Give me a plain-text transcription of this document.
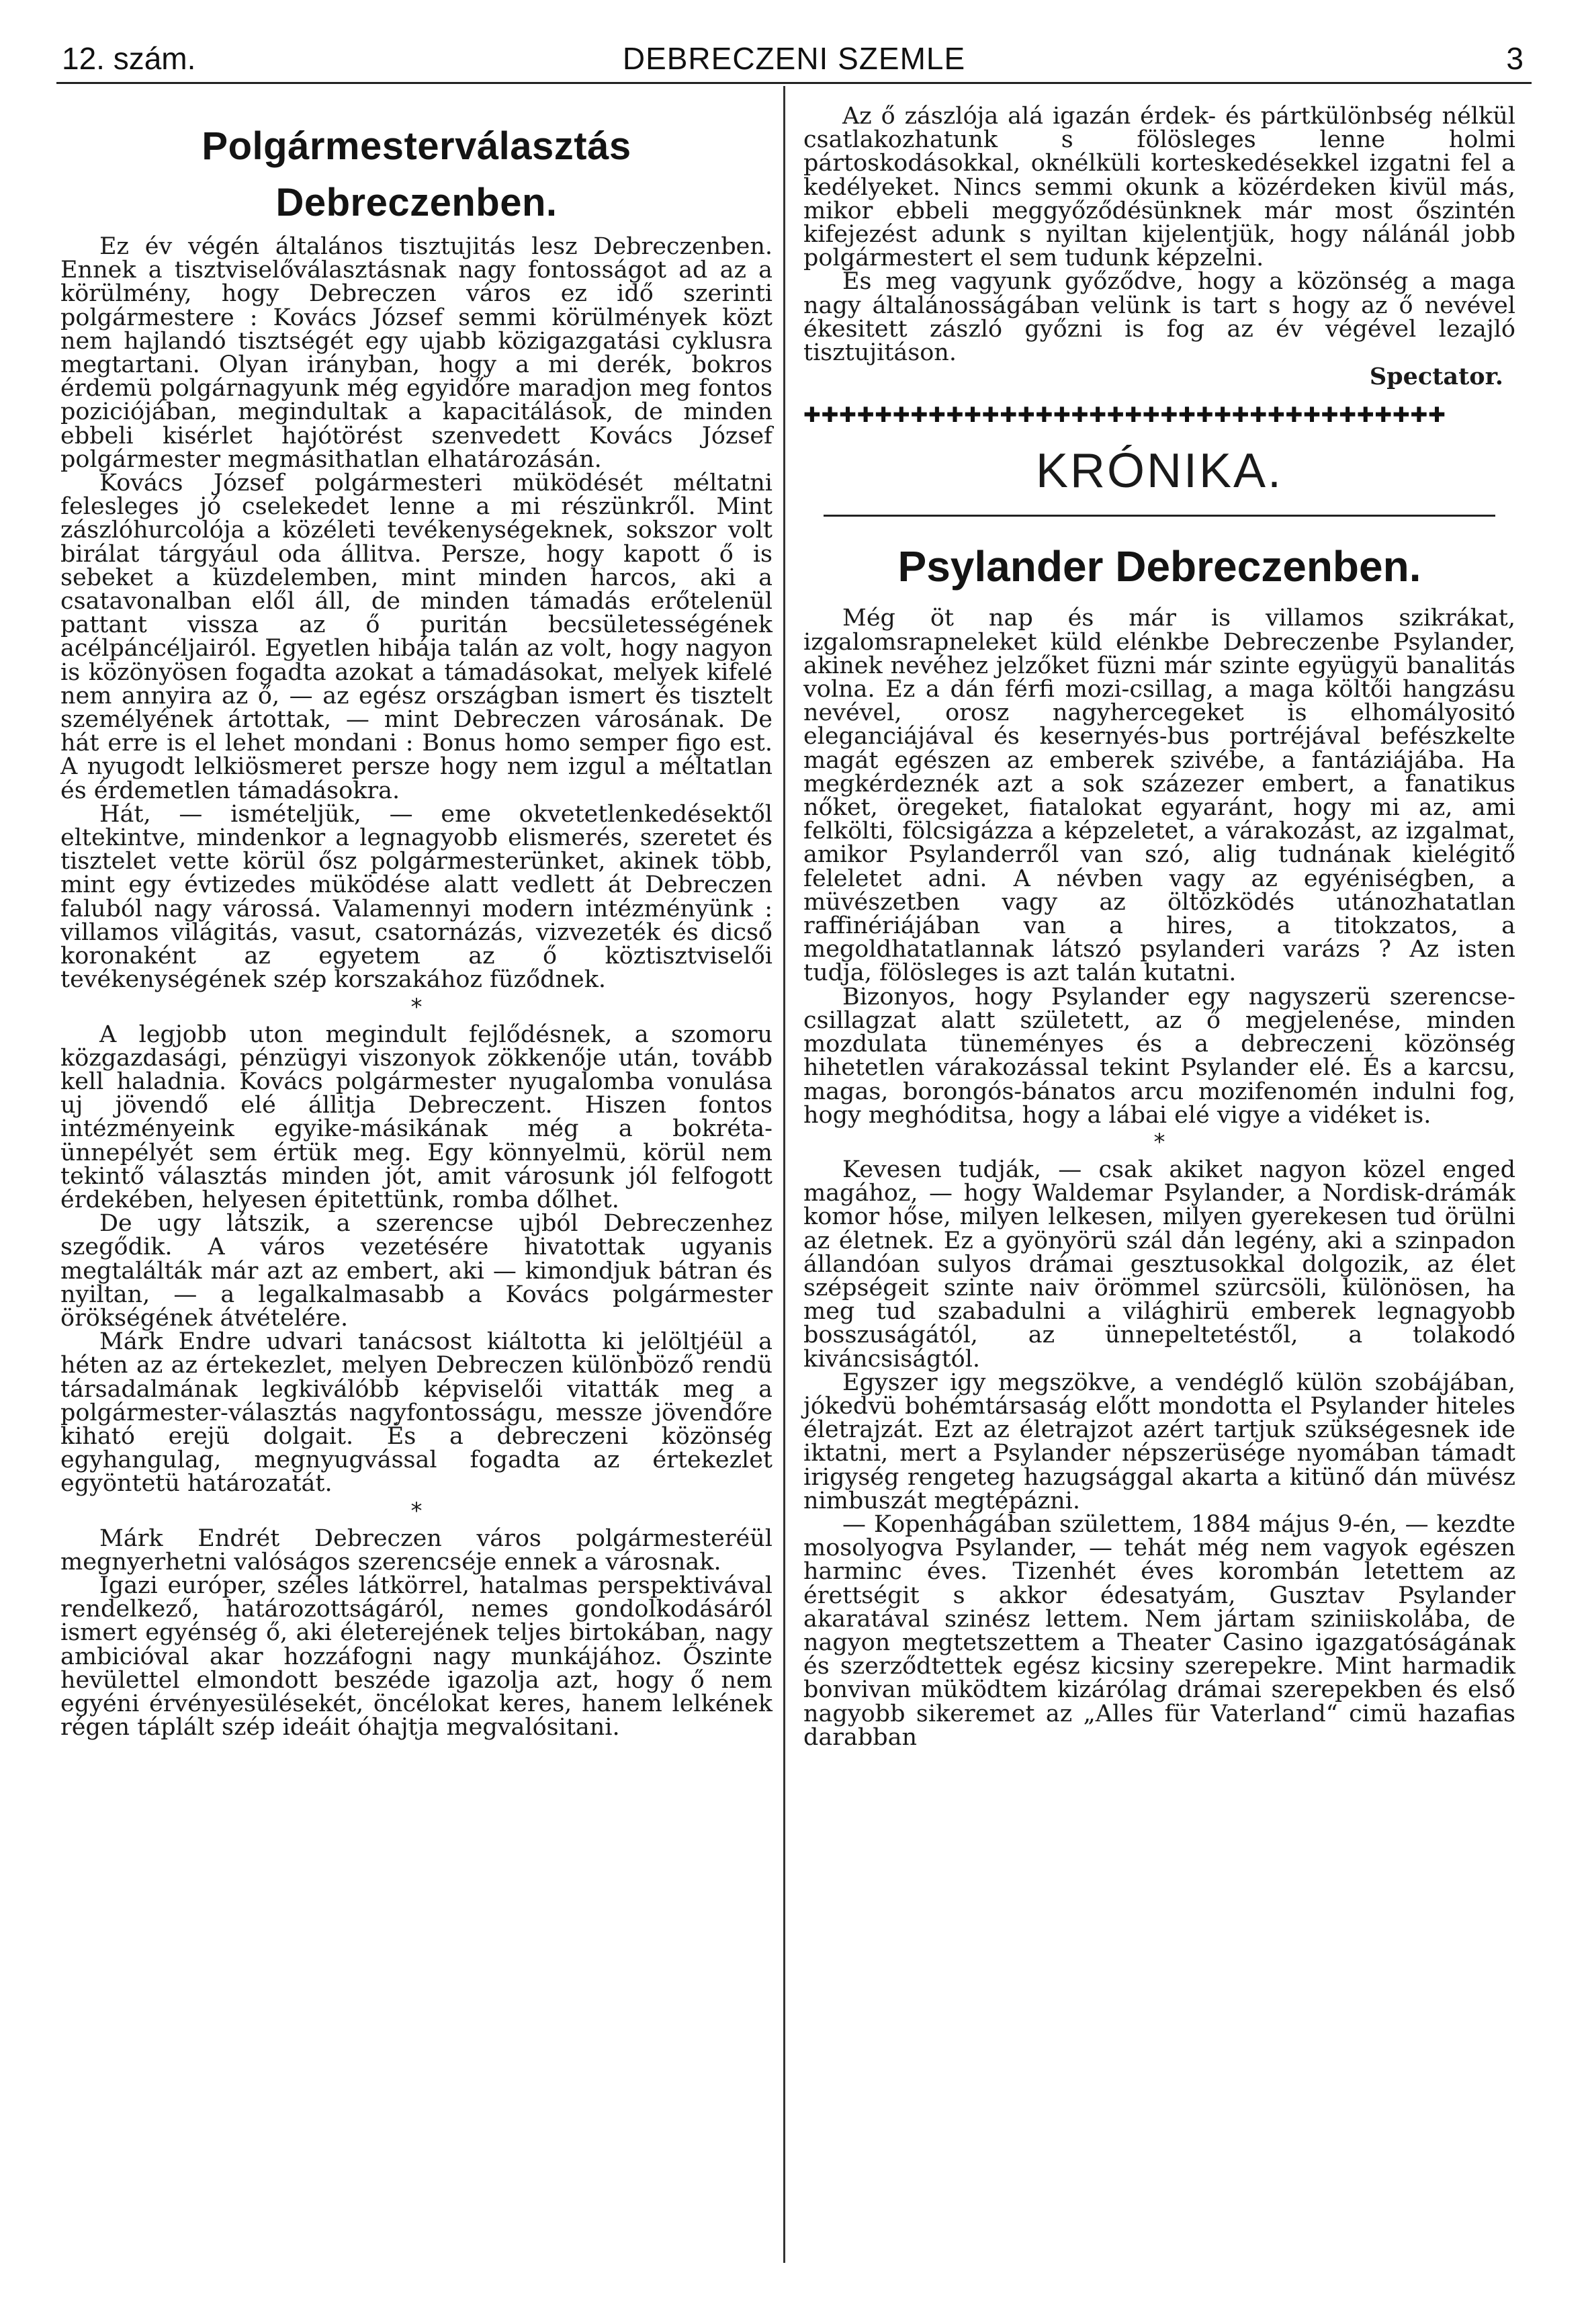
12. szám.	DEBRECZENI SZEMLE	3
Polgármesterválasztás Debreczenben.

Ez év végén általános tisztujitás lesz Debreczenben. Ennek a tisztviselőválasztásnak nagy fontosságot ad az a körülmény, hogy Debreczen város ez idő szerinti polgármestere : Kovács József semmi körülmények közt nem hajlandó tisztségét egy ujabb közigazgatási cyklusra megtartani. Olyan irányban, hogy a mi derék, bokros érdemü polgárnagyunk még egyidőre maradjon meg fontos poziciójában, megindultak a kapacitálások, de minden ebbeli kisérlet hajótörést szenvedett Kovács József polgármester megmásithatlan elhatározásán.

Kovács József polgármesteri müködését méltatni felesleges jó cselekedet lenne a mi részünkről. Mint zászlóhurcolója a közéleti tevékenységeknek, sokszor volt birálat tárgyául oda állitva. Persze, hogy kapott ő is sebeket a küzdelemben, mint minden harcos, aki a csatavonalban elől áll, de minden támadás erőtelenül pattant vissza az ő puritán becsületességének acélpáncéljairól. Egyetlen hibája talán az volt, hogy nagyon is közönyösen fogadta azokat a támadásokat, melyek kifelé nem annyira az ő, — az egész országban ismert és tisztelt személyének ártottak, — mint Debreczen városának. De hát erre is el lehet mondani : Bonus homo semper figo est. A nyugodt lelkiösmeret persze hogy nem izgul a méltatlan és érdemetlen támadásokra.

Hát, — ismételjük, — eme okvetetlenkedésektől eltekintve, mindenkor a legnagyobb elismerés, szeretet és tisztelet vette körül ősz polgármesterünket, akinek több, mint egy évtizedes müködése alatt vedlett át Debreczen faluból nagy várossá. Valamennyi modern intézményünk : villamos világitás, vasut, csatornázás, vizvezeték és dicső koronaként az egyetem az ő köztisztviselői tevékenységének szép korszakához füződnek.

*

A legjobb uton megindult fejlődésnek, a szomoru közgazdasági, pénzügyi viszonyok zökkenője után, tovább kell haladnia. Kovács polgármester nyugalomba vonulása uj jövendő elé állitja Debreczent. Hiszen fontos intézményeink egyike-másikának még a bokréta-ünnepélyét sem értük meg. Egy könnyelmü, körül nem tekintő választás minden jót, amit városunk jól felfogott érdekében, helyesen épitettünk, romba dőlhet.

De ugy látszik, a szerencse ujból Debreczenhez szegődik. A város vezetésére hivatottak ugyanis megtalálták már azt az embert, aki — kimondjuk bátran és nyiltan, — a legalkalmasabb a Kovács polgármester örökségének átvételére.

Márk Endre udvari tanácsost kiáltotta ki jelöltjéül a héten az az értekezlet, melyen Debreczen különböző rendü társadalmának legkiválóbb képviselői vitatták meg a polgármester-választás nagyfontosságu, messze jövendőre kiható erejü dolgait. És a debreczeni közönség egyhangulag, megnyugvással fogadta az értekezlet egyöntetü határozatát.

*

Márk Endrét Debreczen város polgármesteréül megnyerhetni valóságos szerencséje ennek a városnak.

Igazi európer, széles látkörrel, hatalmas perspektivával rendelkező, határozottságáról, nemes gondolkodásáról ismert egyénség ő, aki életerejének teljes birtokában, nagy ambicióval akar hozzáfogni nagy munkájához. Őszinte hevülettel elmondott beszéde igazolja azt, hogy ő nem egyéni érvényesülésekét, öncélokat keres, hanem lelkének régen táplált szép ideáit óhajtja megvalósitani.

Az ő zászlója alá igazán érdek- és pártkülönbség nélkül csatlakozhatunk s fölösleges lenne holmi pártoskodásokkal, oknélküli korteskedésekkel izgatni fel a kedélyeket. Nincs semmi okunk a közérdeken kivül más, mikor ebbeli meggyőződésünknek már most őszintén kifejezést adunk s nyiltan kijelentjük, hogy nálánál jobb polgármestert el sem tudunk képzelni.

És meg vagyunk győződve, hogy a közönség a maga nagy általánosságában velünk is tart s hogy az ő nevével ékesitett zászló győzni is fog az év végével lezajló tisztujitáson.

Spectator.

✚✚✚✚✚✚✚✚✚✚✚✚✚✚✚✚✚✚✚✚✚✚✚✚✚✚✚✚✚✚✚✚✚✚✚✚
KRÓNIKA.
Psylander Debreczenben.

Még öt nap és már is villamos szikrákat, izgalomsrapneleket küld elénkbe Debreczenbe Psylander, akinek nevéhez jelzőket füzni már szinte együgyü banalitás volna. Ez a dán férfi mozi-csillag, a maga költői hangzásu nevével, orosz nagyhercegeket is elhomályositó eleganciájával és kesernyés-bus portréjával befészkelte magát egészen az emberek szivébe, a fantáziájába. Ha megkérdeznék azt a sok százezer embert, a fanatikus nőket, öregeket, fiatalokat egyaránt, hogy mi az, ami felkölti, fölcsigázza a képzeletet, a várakozást, az izgalmat, amikor Psylanderről van szó, alig tudnának kielégitő feleletet adni. A névben vagy az egyéniségben, a müvészetben vagy az öltözködés utánozhatatlan raffinériájában van a hires, a titokzatos, a megoldhatatlannak látszó psylanderi varázs ? Az isten tudja, fölösleges is azt talán kutatni.

Bizonyos, hogy Psylander egy nagyszerü szerencse-csillagzat alatt született, az ő megjelenése, minden mozdulata tüneményes és a debreczeni közönség hihetetlen várakozással tekint Psylander elé. És a karcsu, magas, borongós-bánatos arcu mozifenomén indulni fog, hogy meghóditsa, hogy a lábai elé vigye a vidéket is.

*

Kevesen tudják, — csak akiket nagyon közel enged magához, — hogy Waldemar Psylander, a Nordisk-drámák komor hőse, milyen lelkesen, milyen gyerekesen tud örülni az életnek. Ez a gyönyörü szál dán legény, aki a szinpadon állandóan sulyos drámai gesztusokkal dolgozik, az élet szépségeit szinte naiv örömmel szürcsöli, különösen, ha meg tud szabadulni a világhirü emberek legnagyobb bosszuságától, az ünnepeltetéstől, a tolakodó kiváncsiságtól.

Egyszer igy megszökve, a vendéglő külön szobájában, jókedvü bohémtársaság előtt mondotta el Psylander hiteles életrajzát. Ezt az életrajzot azért tartjuk szükségesnek ide iktatni, mert a Psylander népszerüsége nyomában támadt irigység rengeteg hazugsággal akarta a kitünő dán müvész nimbuszát megtépázni.

— Kopenhágában születtem, 1884 május 9-én, — kezdte mosolyogva Psylander, — tehát még nem vagyok egészen harminc éves. Tizenhét éves korombán letettem az érettségit s akkor édesatyám, Gusztav Psylander akaratával szinész lettem. Nem jártam sziniiskolába, de nagyon megtetszettem a Theater Casino igazgatóságának és szerződtettek egész kicsiny szerepekre. Mint harmadik bonvivan müködtem kizárólag drámai szerepekben és első nagyobb sikeremet az „Alles für Vaterland“ cimü hazafias darabban
